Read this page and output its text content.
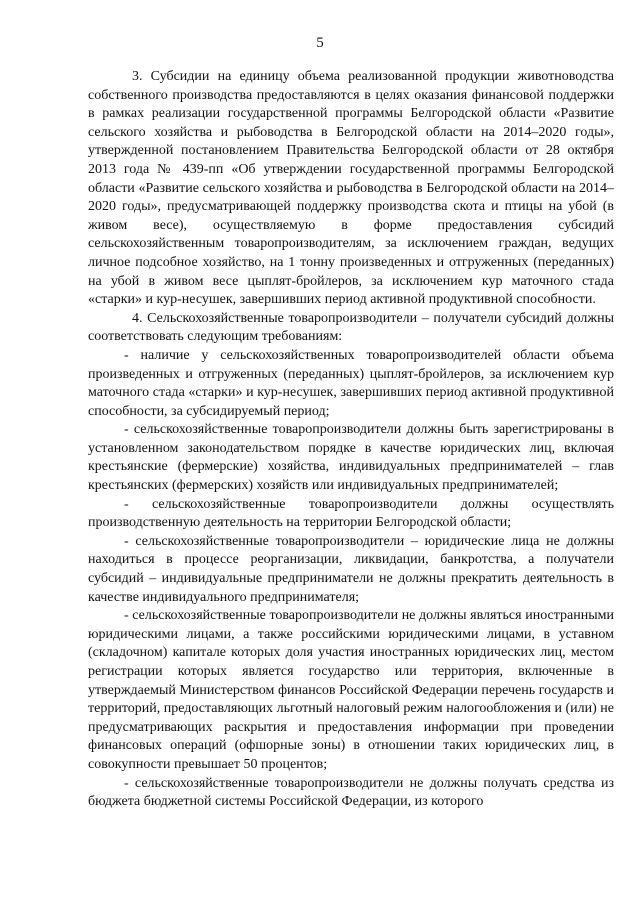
5

3. Субсидии на единицу объема реализованной продукции животноводства собственного производства предоставляются в целях оказания финансовой поддержки в рамках реализации государственной программы Белгородской области «Развитие сельского хозяйства и рыбоводства в Белгородской области на 2014–2020 годы», утвержденной постановлением Правительства Белгородской области от 28 октября 2013 года № 439-пп «Об утверждении государственной программы Белгородской области «Развитие сельского хозяйства и рыбоводства в Белгородской области на 2014–2020 годы», предусматривающей поддержку производства скота и птицы на убой (в живом весе), осуществляемую в форме предоставления субсидий сельскохозяйственным товаропроизводителям, за исключением граждан, ведущих личное подсобное хозяйство, на 1 тонну произведенных и отгруженных (переданных) на убой в живом весе цыплят-бройлеров, за исключением кур маточного стада «старки» и кур-несушек, завершивших период активной продуктивной способности.

4. Сельскохозяйственные товаропроизводители – получатели субсидий должны соответствовать следующим требованиям:

- наличие у сельскохозяйственных товаропроизводителей области объема произведенных и отгруженных (переданных) цыплят-бройлеров, за исключением кур маточного стада «старки» и кур-несушек, завершивших период активной продуктивной способности, за субсидируемый период;

- сельскохозяйственные товаропроизводители должны быть зарегистрированы в установленном законодательством порядке в качестве юридических лиц, включая крестьянские (фермерские) хозяйства, индивидуальных предпринимателей – глав крестьянских (фермерских) хозяйств или индивидуальных предпринимателей;

- сельскохозяйственные товаропроизводители должны осуществлять производственную деятельность на территории Белгородской области;

- сельскохозяйственные товаропроизводители – юридические лица не должны находиться в процессе реорганизации, ликвидации, банкротства, а получатели субсидий – индивидуальные предприниматели не должны прекратить деятельность в качестве индивидуального предпринимателя;

- сельскохозяйственные товаропроизводители не должны являться иностранными юридическими лицами, а также российскими юридическими лицами, в уставном (складочном) капитале которых доля участия иностранных юридических лиц, местом регистрации которых является государство или территория, включенные в утверждаемый Министерством финансов Российской Федерации перечень государств и территорий, предоставляющих льготный налоговый режим налогообложения и (или) не предусматривающих раскрытия и предоставления информации при проведении финансовых операций (офшорные зоны) в отношении таких юридических лиц, в совокупности превышает 50 процентов;

- сельскохозяйственные товаропроизводители не должны получать средства из бюджета бюджетной системы Российской Федерации, из которого
